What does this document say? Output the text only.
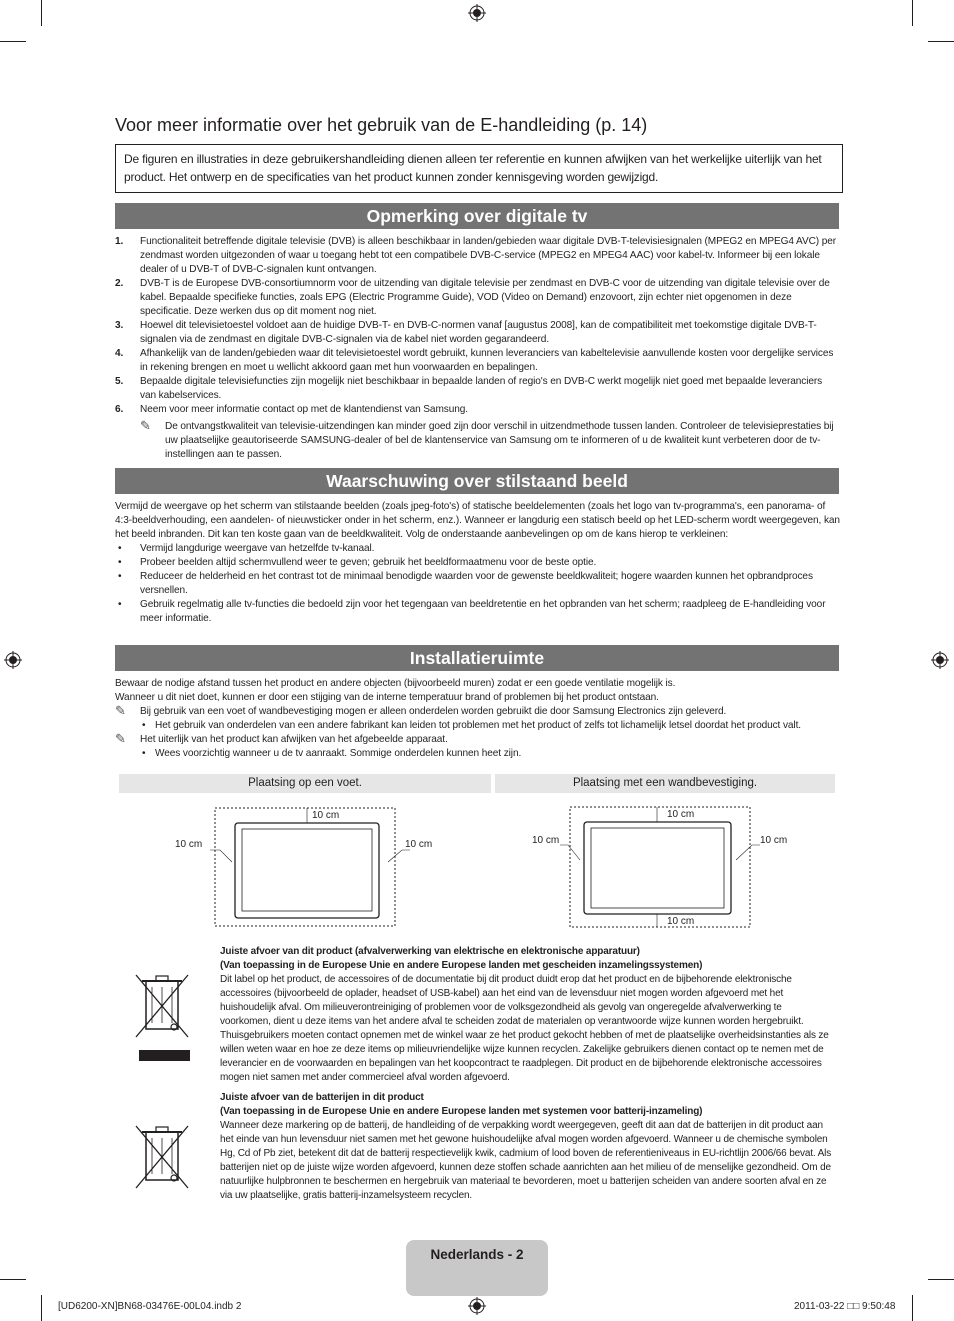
Voor meer informatie over het gebruik van de E-handleiding (p. 14)
De figuren en illustraties in deze gebruikershandleiding dienen alleen ter referentie en kunnen afwijken van het werkelijke uiterlijk van het product. Het ontwerp en de specificaties van het product kunnen zonder kennisgeving worden gewijzigd.
Opmerking over digitale tv
1. Functionaliteit betreffende digitale televisie (DVB) is alleen beschikbaar in landen/gebieden waar digitale DVB-T-televisiesignalen (MPEG2 en MPEG4 AVC) per zendmast worden uitgezonden of waar u toegang hebt tot een compatibele DVB-C-service (MPEG2 en MPEG4 AAC) voor kabel-tv. Informeer bij een lokale dealer of u DVB-T of DVB-C-signalen kunt ontvangen.
2. DVB-T is de Europese DVB-consortiumnorm voor de uitzending van digitale televisie per zendmast en DVB-C voor de uitzending van digitale televisie over de kabel. Bepaalde specifieke functies, zoals EPG (Electric Programme Guide), VOD (Video on Demand) enzovoort, zijn echter niet opgenomen in deze specificatie. Deze werken dus op dit moment nog niet.
3. Hoewel dit televisietoestel voldoet aan de huidige DVB-T- en DVB-C-normen vanaf [augustus 2008], kan de compatibiliteit met toekomstige digitale DVB-T-signalen via de zendmast en digitale DVB-C-signalen via de kabel niet worden gegarandeerd.
4. Afhankelijk van de landen/gebieden waar dit televisietoestel wordt gebruikt, kunnen leveranciers van kabeltelevisie aanvullende kosten voor dergelijke services in rekening brengen en moet u wellicht akkoord gaan met hun voorwaarden en bepalingen.
5. Bepaalde digitale televisiefuncties zijn mogelijk niet beschikbaar in bepaalde landen of regio's en DVB-C werkt mogelijk niet goed met bepaalde leveranciers van kabelservices.
6. Neem voor meer informatie contact op met de klantendienst van Samsung.
✎ De ontvangstkwaliteit van televisie-uitzendingen kan minder goed zijn door verschil in uitzendmethode tussen landen. Controleer de televisieprestaties bij uw plaatselijke geautoriseerde SAMSUNG-dealer of bel de klantenservice van Samsung om te informeren of u de kwaliteit kunt verbeteren door de tv-instellingen aan te passen.
Waarschuwing over stilstaand beeld
Vermijd de weergave op het scherm van stilstaande beelden (zoals jpeg-foto's) of statische beeldelementen (zoals het logo van tv-programma's, een panorama- of 4:3-beeldverhouding, een aandelen- of nieuwsticker onder in het scherm, enz.). Wanneer er langdurig een statisch beeld op het LED-scherm wordt weergegeven, kan het beeld inbranden. Dit kan ten koste gaan van de beeldkwaliteit. Volg de onderstaande aanbevelingen op om de kans hierop te verkleinen:
• Vermijd langdurige weergave van hetzelfde tv-kanaal.
• Probeer beelden altijd schermvullend weer te geven; gebruik het beeldformaatmenu voor de beste optie.
• Reduceer de helderheid en het contrast tot de minimaal benodigde waarden voor de gewenste beeldkwaliteit; hogere waarden kunnen het opbrandproces versnellen.
• Gebruik regelmatig alle tv-functies die bedoeld zijn voor het tegengaan van beeldretentie en het opbranden van het scherm; raadpleeg de E-handleiding voor meer informatie.
Installatieruimte
Bewaar de nodige afstand tussen het product en andere objecten (bijvoorbeeld muren) zodat er een goede ventilatie mogelijk is.
Wanneer u dit niet doet, kunnen er door een stijging van de interne temperatuur brand of problemen bij het product ontstaan.
✎ Bij gebruik van een voet of wandbevestiging mogen er alleen onderdelen worden gebruikt die door Samsung Electronics zijn geleverd.
• Het gebruik van onderdelen van een andere fabrikant kan leiden tot problemen met het product of zelfs tot lichamelijk letsel doordat het product valt.
✎ Het uiterlijk van het product kan afwijken van het afgebeelde apparaat.
• Wees voorzichtig wanneer u de tv aanraakt. Sommige onderdelen kunnen heet zijn.
Plaatsing op een voet.	Plaatsing met een wandbevestiging.
10 cm
10 cm	10 cm
10 cm
10 cm	10 cm
10 cm
Juiste afvoer van dit product (afvalverwerking van elektrische en elektronische apparatuur)
(Van toepassing in de Europese Unie en andere Europese landen met gescheiden inzamelingssystemen)
Dit label op het product, de accessoires of de documentatie bij dit product duidt erop dat het product en de bijbehorende elektronische accessoires (bijvoorbeeld de oplader, headset of USB-kabel) aan het eind van de levensduur niet mogen worden afgevoerd met het huishoudelijk afval. Om milieuverontreiniging of problemen voor de volksgezondheid als gevolg van ongeregelde afvalverwerking te voorkomen, dient u deze items van het andere afval te scheiden zodat de materialen op verantwoorde wijze kunnen worden hergebruikt. Thuisgebruikers moeten contact opnemen met de winkel waar ze het product gekocht hebben of met de plaatselijke overheidsinstanties als ze willen weten waar en hoe ze deze items op milieuvriendelijke wijze kunnen recyclen. Zakelijke gebruikers dienen contact op te nemen met de leverancier en de voorwaarden en bepalingen van het koopcontract te raadplegen. Dit product en de bijbehorende elektronische accessoires mogen niet samen met ander commercieel afval worden afgevoerd.
Juiste afvoer van de batterijen in dit product
(Van toepassing in de Europese Unie en andere Europese landen met systemen voor batterij-inzameling)
Wanneer deze markering op de batterij, de handleiding of de verpakking wordt weergegeven, geeft dit aan dat de batterijen in dit product aan het einde van hun levensduur niet samen met het gewone huishoudelijke afval mogen worden afgevoerd. Wanneer u de chemische symbolen Hg, Cd of Pb ziet, betekent dit dat de batterij respectievelijk kwik, cadmium of lood boven de referentieniveaus in EU-richtlijn 2006/66 bevat. Als batterijen niet op de juiste wijze worden afgevoerd, kunnen deze stoffen schade aanrichten aan het milieu of de menselijke gezondheid. Om de natuurlijke hulpbronnen te beschermen en hergebruik van materiaal te bevorderen, moet u batterijen scheiden van andere soorten afval en ze via uw plaatselijke, gratis batterij-inzamelsysteem recyclen.
Nederlands - 2
[UD6200-XN]BN68-03476E-00L04.indb 2	2011-03-22 □□ 9:50:48
